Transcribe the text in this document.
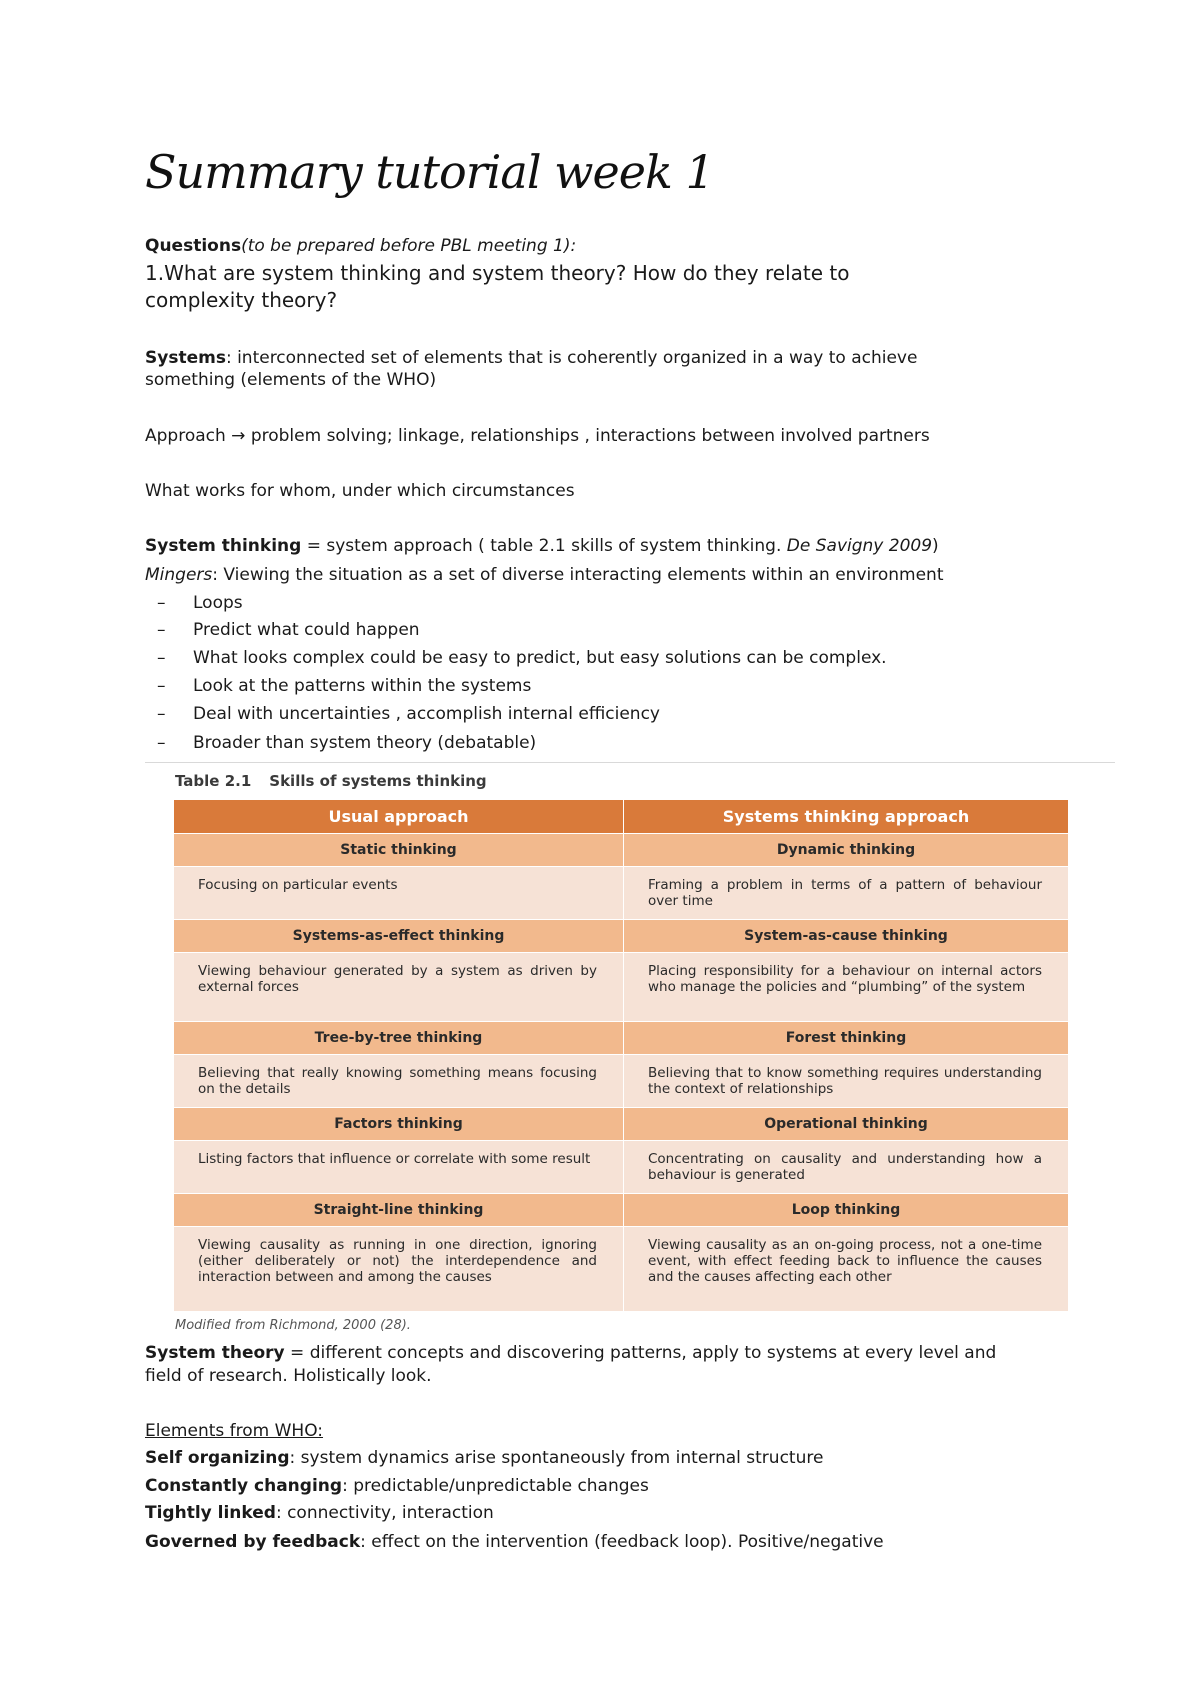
Summary tutorial week 1
Questions(to be prepared before PBL meeting 1):
1.What are system thinking and system theory? How do they relate to
complexity theory?
Systems: interconnected set of elements that is coherently organized in a way to achieve
something (elements of the WHO)
Approach → problem solving; linkage, relationships , interactions between involved partners
What works for whom, under which circumstances
System thinking = system approach ( table 2.1 skills of system thinking. De Savigny 2009)
Mingers: Viewing the situation as a set of diverse interacting elements within an environment
– Loops
– Predict what could happen
– What looks complex could be easy to predict, but easy solutions can be complex.
– Look at the patterns within the systems
– Deal with uncertainties , accomplish internal efficiency
– Broader than system theory (debatable)
Table 2.1 Skills of systems thinking
Usual approach	Systems thinking approach
Static thinking	Dynamic thinking
Focusing on particular events	Framing a problem in terms of a pattern of behaviour over time
Systems-as-effect thinking	System-as-cause thinking
Viewing behaviour generated by a system as driven by external forces	Placing responsibility for a behaviour on internal actors who manage the policies and “plumbing” of the system
Tree-by-tree thinking	Forest thinking
Believing that really knowing something means focusing on the details	Believing that to know something requires understanding the context of relationships
Factors thinking	Operational thinking
Listing factors that influence or correlate with some result	Concentrating on causality and understanding how a behaviour is generated
Straight-line thinking	Loop thinking
Viewing causality as running in one direction, ignoring (either deliberately or not) the interdependence and interaction between and among the causes	Viewing causality as an on-going process, not a one-time event, with effect feeding back to influence the causes and the causes affecting each other
Modified from Richmond, 2000 (28).
System theory = different concepts and discovering patterns, apply to systems at every level and
field of research. Holistically look.
Elements from WHO:
Self organizing: system dynamics arise spontaneously from internal structure
Constantly changing: predictable/unpredictable changes
Tightly linked: connectivity, interaction
Governed by feedback: effect on the intervention (feedback loop). Positive/negative
